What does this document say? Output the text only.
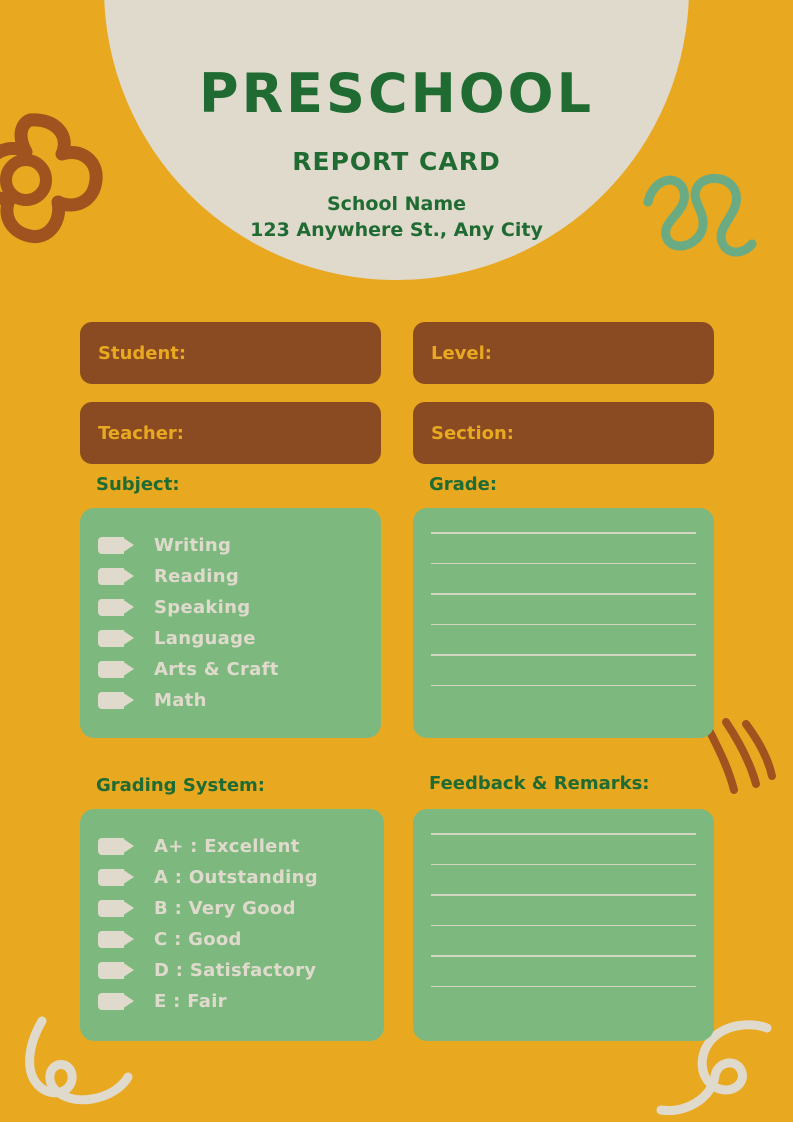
PRESCHOOL
REPORT CARD
School Name
123 Anywhere St., Any City
Student:	Level:
Teacher:	Section:
Subject:	Grade:
Grading System:	Feedback & Remarks:
Writing
Reading
Speaking
Language
Arts & Craft
Math
A+ : Excellent
A : Outstanding
B : Very Good
C : Good
D : Satisfactory
E : Fair
